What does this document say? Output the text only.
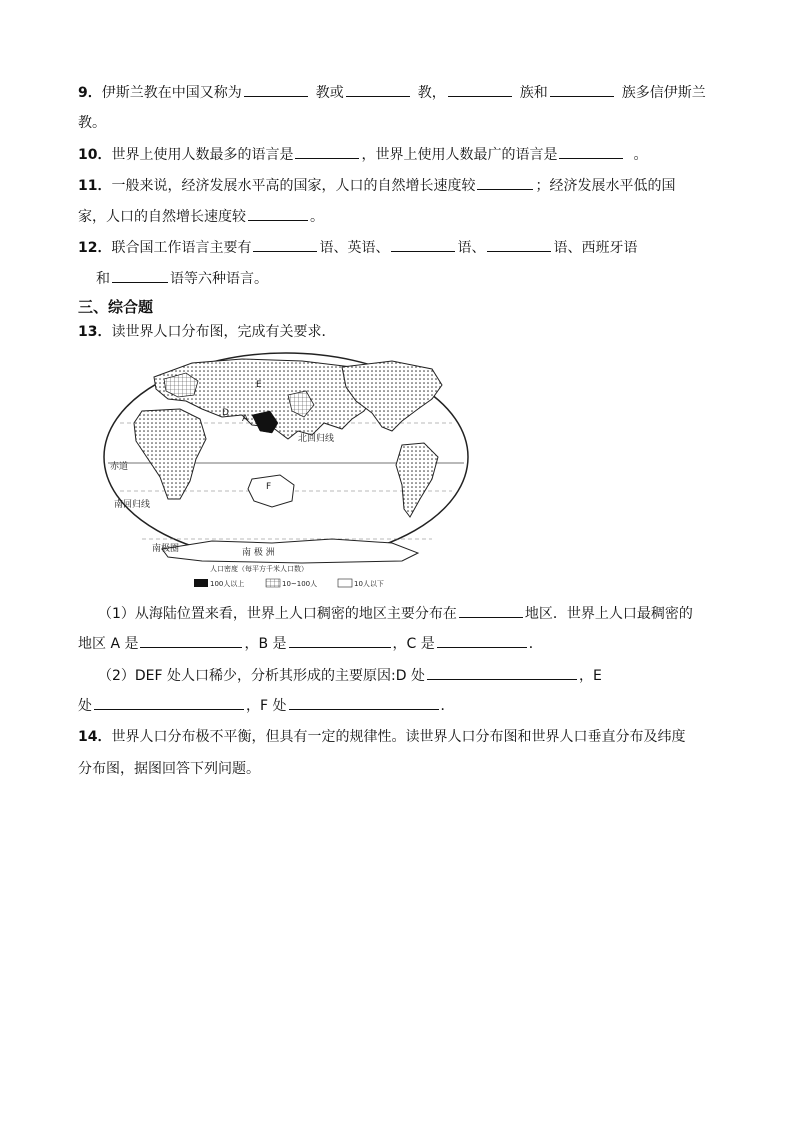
9．伊斯兰教在中国又称为	教或	教，	族和	族多信伊斯兰
教。
10．世界上使用人数最多的语言是	，世界上使用人数最广的语言是	。
11．一般来说，经济发展水平高的国家，人口的自然增长速度较	；经济发展水平低的国
家，人口的自然增长速度较	。
12．联合国工作语言主要有	语、英语、	语、	语、西班牙语
和	语等六种语言。
三、综合题
13．读世界人口分布图，完成有关要求．
E
D
A
F
赤道
北回归线
南回归线
南极圈	南 极 洲
人口密度（每平方千米人口数）
100人以上	10~100人	10人以下
（1）从海陆位置来看，世界上人口稠密的地区主要分布在	地区．世界上人口最稠密的
地区 A 是	，B 是	，C 是	．
（2）DEF 处人口稀少，分析其形成的主要原因:D 处	，E
处	，F 处	．
14．世界人口分布极不平衡，但具有一定的规律性。读世界人口分布图和世界人口垂直分布及纬度
分布图，据图回答下列问题。
